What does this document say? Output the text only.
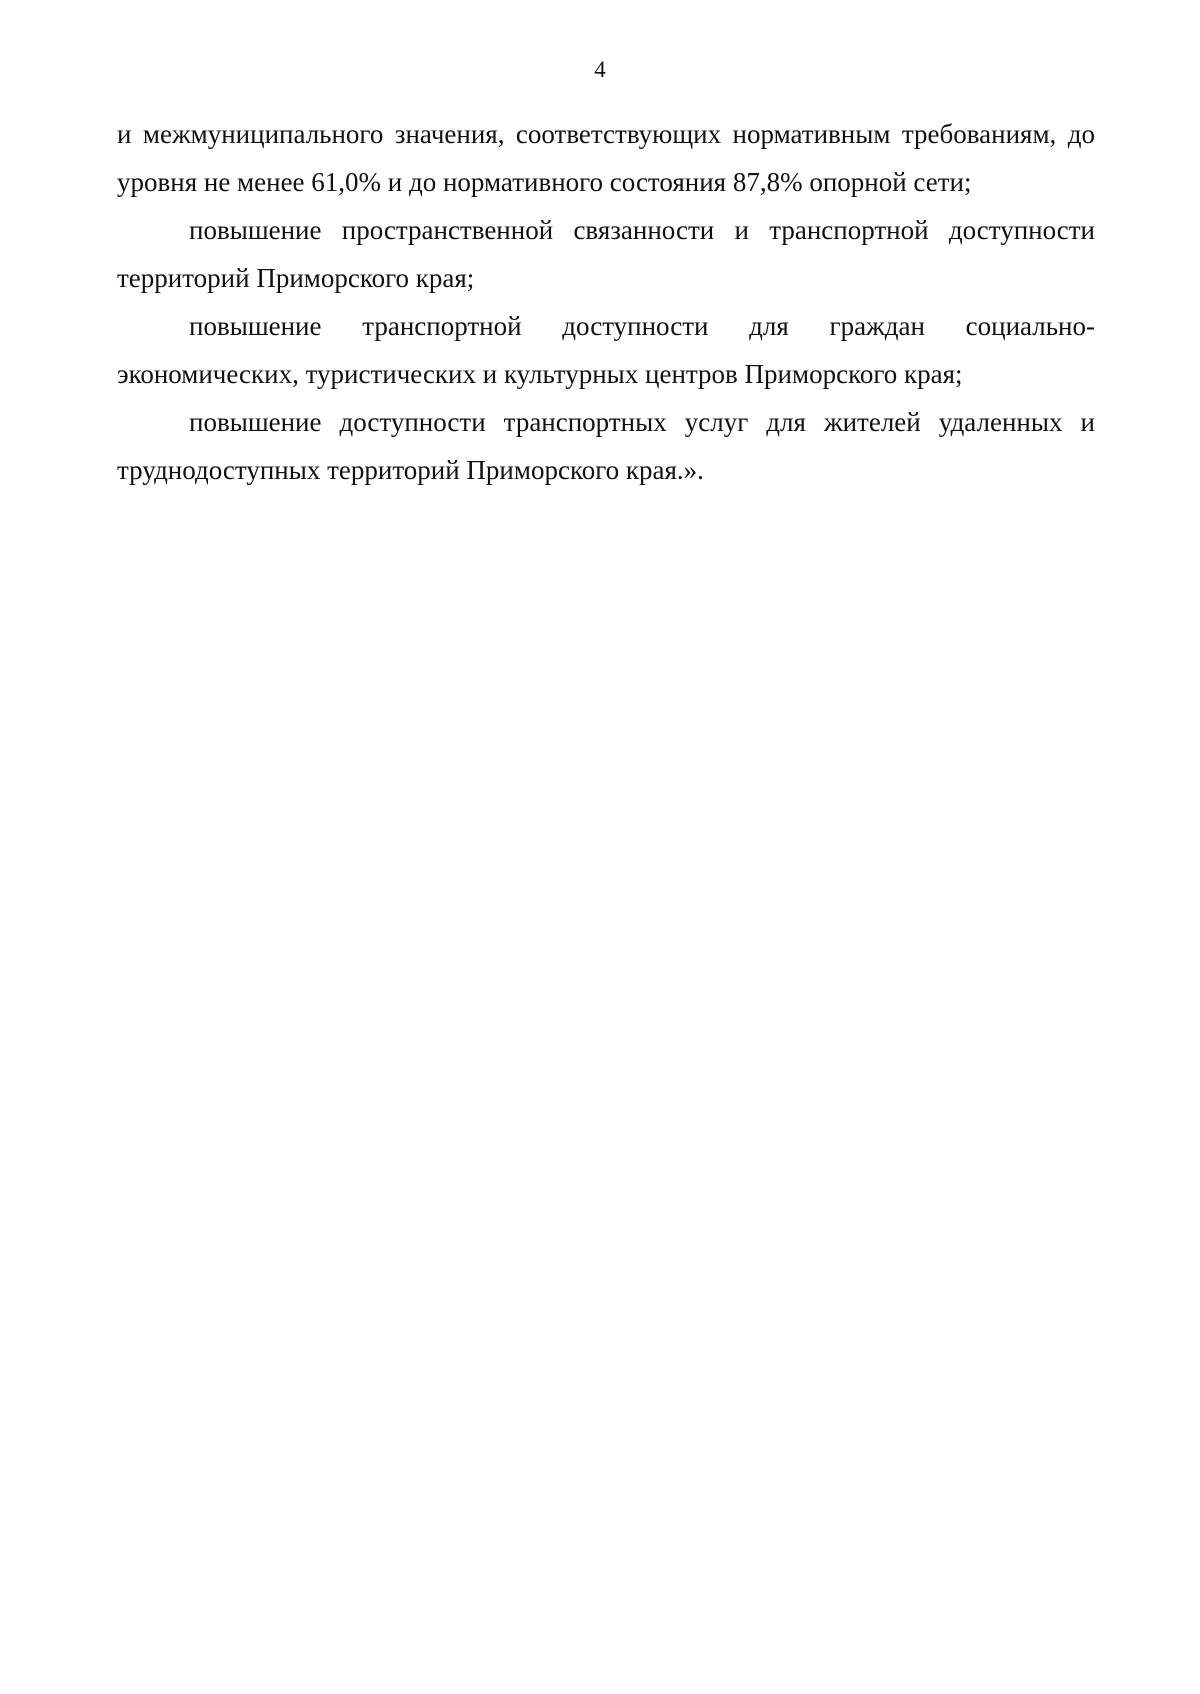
4

и межмуниципального значения, соответствующих нормативным требованиям, до уровня не менее 61,0% и до нормативного состояния 87,8% опорной сети;

повышение пространственной связанности и транспортной доступности территорий Приморского края;

повышение транспортной доступности для граждан социально-экономических, туристических и культурных центров Приморского края;

повышение доступности транспортных услуг для жителей удаленных и труднодоступных территорий Приморского края.».
